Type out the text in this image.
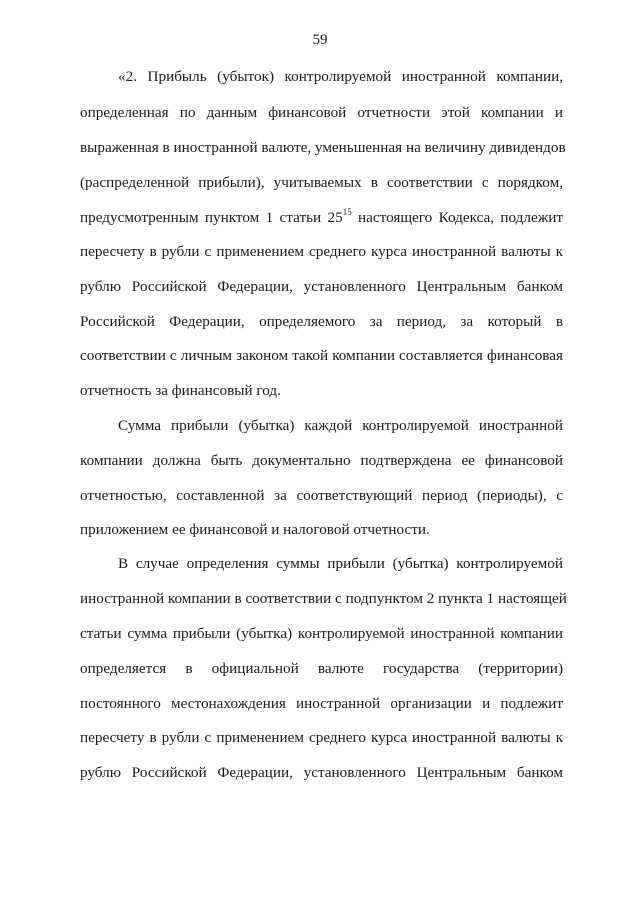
59
«2. Прибыль (убыток) контролируемой иностранной компании,
определенная по данным финансовой отчетности этой компании и
выраженная в иностранной валюте, уменьшенная на величину дивидендов
(распределенной прибыли), учитываемых в соответствии с порядком,
предусмотренным пунктом 1 статьи $25^{15}$ настоящего Кодекса, подлежит
пересчету в рубли с применением среднего курса иностранной валюты к
рублю Российской Федерации, установленного Центральным банком
Российской Федерации, определяемого за период, за который в
соответствии с личным законом такой компании составляется финансовая
отчетность за финансовый год.
Сумма прибыли (убытка) каждой контролируемой иностранной
компании должна быть документально подтверждена ее финансовой
отчетностью, составленной за соответствующий период (периоды), с
приложением ее финансовой и налоговой отчетности.
В случае определения суммы прибыли (убытка) контролируемой
иностранной компании в соответствии с подпунктом 2 пункта 1 настоящей
статьи сумма прибыли (убытка) контролируемой иностранной компании
определяется в официальной валюте государства (территории)
постоянного местонахождения иностранной организации и подлежит
пересчету в рубли с применением среднего курса иностранной валюты к
рублю Российской Федерации, установленного Центральным банком
